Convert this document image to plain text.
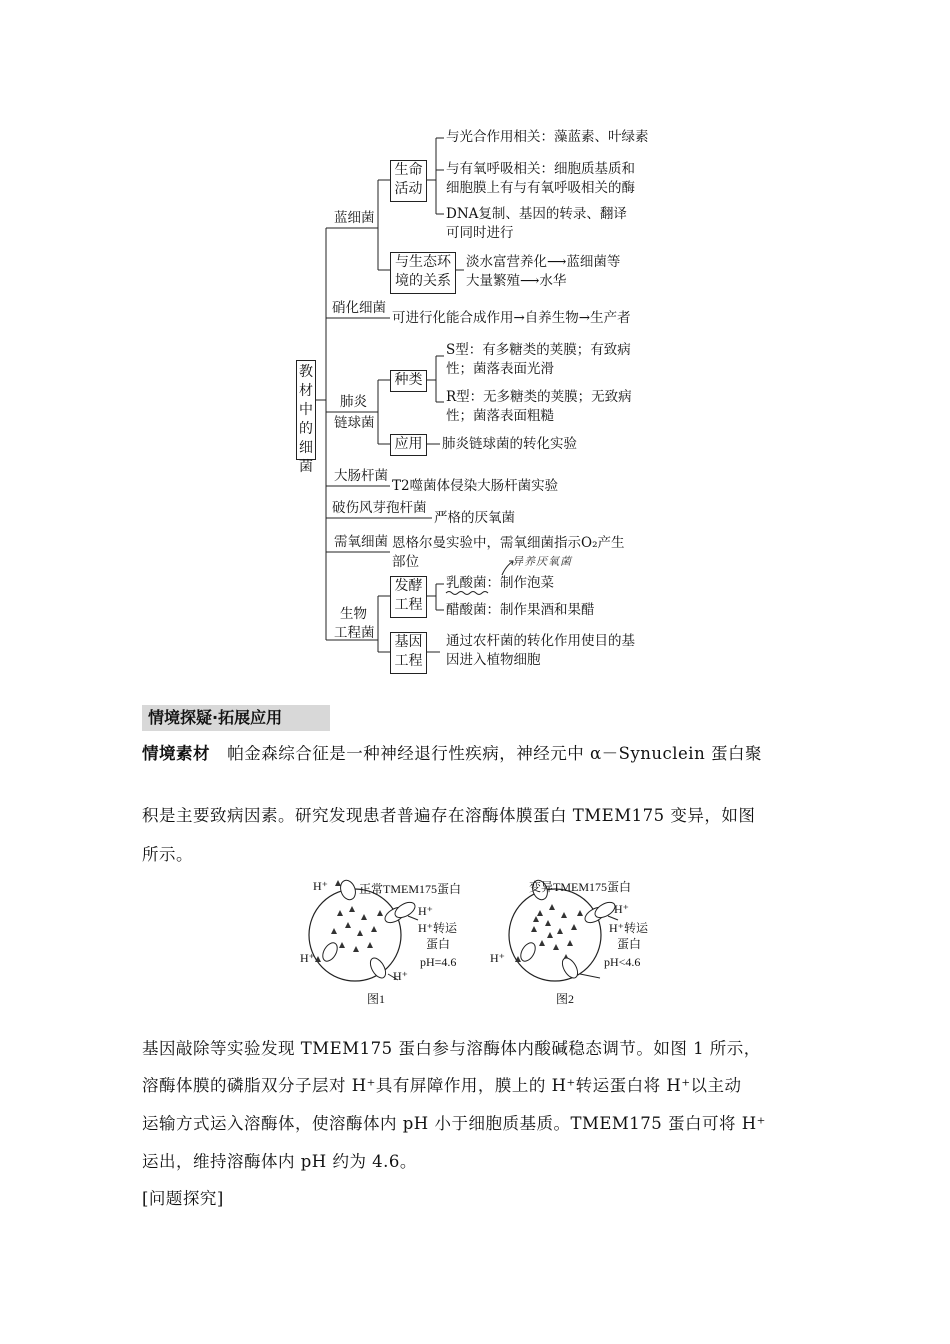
教材中的细菌
蓝细菌
硝化细菌
肺炎
链球菌
大肠杆菌
破伤风芽孢杆菌
需氧细菌
生物
工程菌
生命
活动
与生态环
境的关系
种类
应用
发酵
工程
基因
工程
与光合作用相关：藻蓝素、叶绿素
与有氧呼吸相关：细胞质基质和
细胞膜上有与有氧呼吸相关的酶
DNA复制、基因的转录、翻译
可同时进行
淡水富营养化⟶蓝细菌等
大量繁殖⟶水华
可进行化能合成作用→自养生物→生产者
S型：有多糖类的荚膜；有致病
性；菌落表面光滑
R型：无多糖类的荚膜；无致病
性；菌落表面粗糙
肺炎链球菌的转化实验
T2噬菌体侵染大肠杆菌实验
严格的厌氧菌
恩格尔曼实验中，需氧细菌指示O₂产生
部位	异养厌氧菌
乳酸菌：制作泡菜
醋酸菌：制作果酒和果醋
通过农杆菌的转化作用使目的基
因进入植物细胞
情境探疑·拓展应用
情境素材 帕金森综合征是一种神经退行性疾病，神经元中 α－Synuclein 蛋白聚
积是主要致病因素。研究发现患者普遍存在溶酶体膜蛋白 TMEM175 变异，如图
所示。
H⁺	正常TMEM175蛋白
H⁺
H⁺转运
蛋白
H⁺	pH=4.6
H⁺
图1
变异TMEM175蛋白
H⁺
H⁺转运
蛋白
H⁺	pH<4.6
图2
基因敲除等实验发现 TMEM175 蛋白参与溶酶体内酸碱稳态调节。如图 1 所示，
溶酶体膜的磷脂双分子层对 H⁺具有屏障作用，膜上的 H⁺转运蛋白将 H⁺以主动
运输方式运入溶酶体，使溶酶体内 pH 小于细胞质基质。TMEM175 蛋白可将 H⁺
运出，维持溶酶体内 pH 约为 4.6。
[问题探究]
